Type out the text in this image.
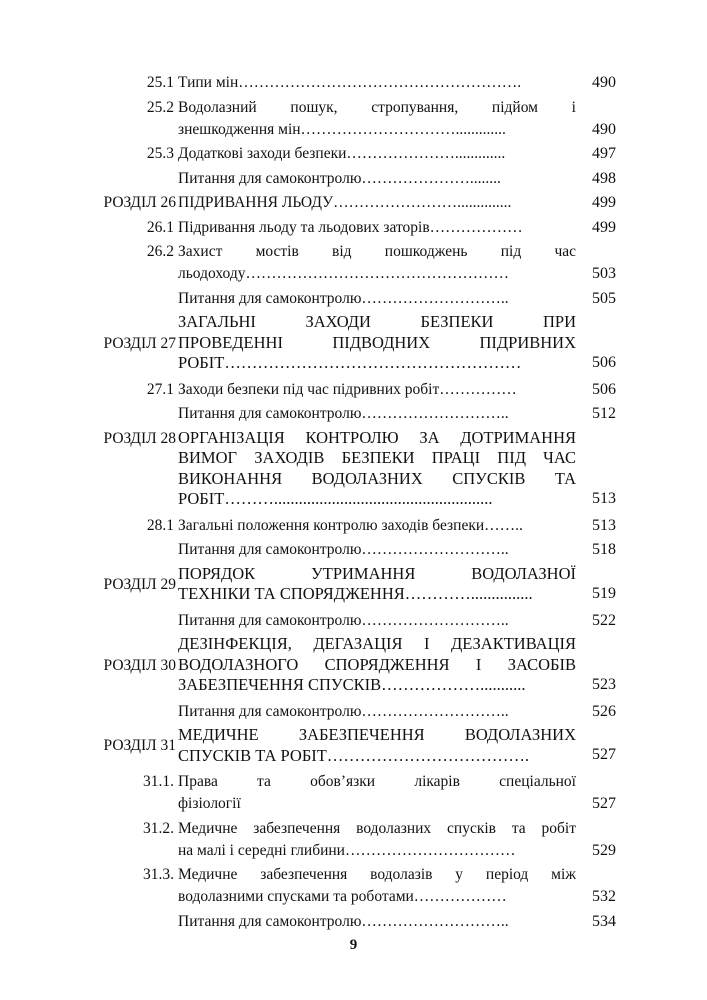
25.1 Типи мін……………………………………………….	490
25.2 Водолазний пошук, стропування, підйом і
знешкодження мін………………………….............	490
25.3 Додаткові заходи безпеки………………….............	497
Питання для самоконтролю…………………........	498
РОЗДІЛ 26 ПІДРИВАННЯ ЛЬОДУ……………………..............	499
26.1 Підривання льоду та льодових заторів………………	499
26.2 Захист мостів від пошкоджень під час
льодоходу……………………………………………	503
Питання для самоконтролю………………………..	505
РОЗДІЛ 27
ЗАГАЛЬНІ ЗАХОДИ БЕЗПЕКИ ПРИ
ПРОВЕДЕННІ ПІДВОДНИХ ПІДРИВНИХ
РОБІТ………………………………………………	506
27.1 Заходи безпеки під час підривних робіт……………	506
Питання для самоконтролю………………………..	512
РОЗДІЛ 28 ОРГАНІЗАЦІЯ КОНТРОЛЮ ЗА ДОТРИМАННЯ
ВИМОГ ЗАХОДІВ БЕЗПЕКИ ПРАЦІ ПІД ЧАС
ВИКОНАННЯ ВОДОЛАЗНИХ СПУСКІВ ТА
РОБІТ……….....................................................	513
28.1 Загальні положення контролю заходів безпеки……..	513
Питання для самоконтролю………………………..	518
РОЗДІЛ 29
ПОРЯДОК УТРИМАННЯ ВОДОЛАЗНОЇ
ТЕХНІКИ ТА СПОРЯДЖЕННЯ…………...............	519
Питання для самоконтролю………………………..	522
РОЗДІЛ 30
ДЕЗІНФЕКЦІЯ, ДЕГАЗАЦІЯ І ДЕЗАКТИВАЦІЯ
ВОДОЛАЗНОГО СПОРЯДЖЕННЯ І ЗАСОБІВ
ЗАБЕЗПЕЧЕННЯ СПУСКІВ………………...........	523
Питання для самоконтролю………………………..	526
РОЗДІЛ 31
МЕДИЧНЕ ЗАБЕЗПЕЧЕННЯ ВОДОЛАЗНИХ
СПУСКІВ ТА РОБІТ……………………………….	527
31.1. Права та обов’язки лікарів спеціальної
фізіології	527
31.2. Медичне забезпечення водолазних спусків та робіт
на малі і середні глибини……………………………	529
31.3. Медичне забезпечення водолазів у період між
водолазними спусками та роботами………………	532
Питання для самоконтролю………………………..	534
9
